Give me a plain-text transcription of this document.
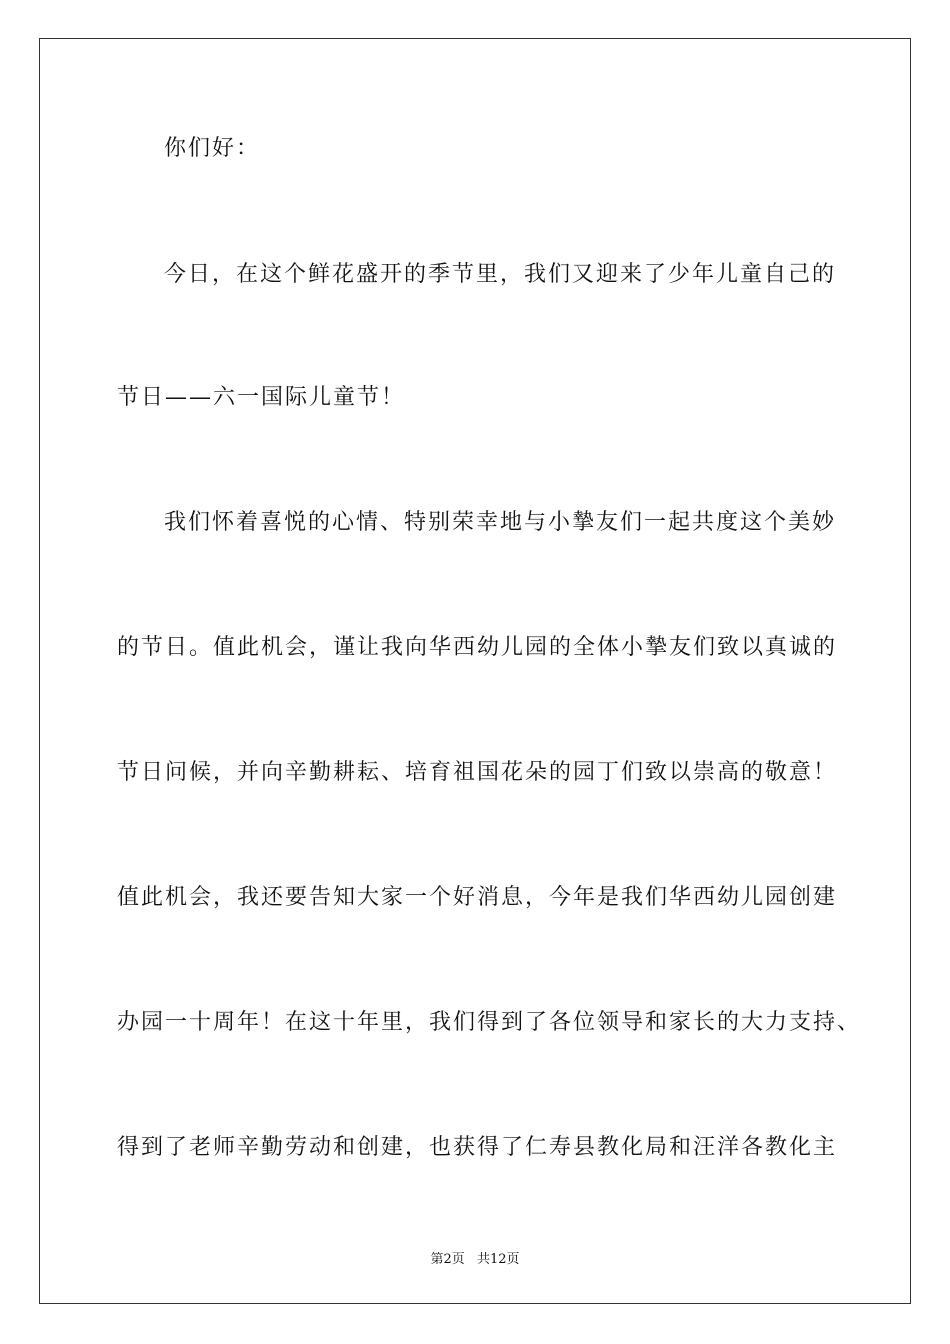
你们好：
今日，在这个鲜花盛开的季节里，我们又迎来了少年儿童自己的
节日——六一国际儿童节！
我们怀着喜悦的心情、特别荣幸地与小摯友们一起共度这个美妙
的节日。值此机会，谨让我向华西幼儿园的全体小摯友们致以真诚的
节日问候，并向辛勤耕耘、培育祖国花朵的园丁们致以崇高的敬意！
值此机会，我还要告知大家一个好消息，今年是我们华西幼儿园创建
办园一十周年！在这十年里，我们得到了各位领导和家长的大力支持、
得到了老师辛勤劳动和创建，也获得了仁寿县教化局和汪洋各教化主
第2页 共12页
